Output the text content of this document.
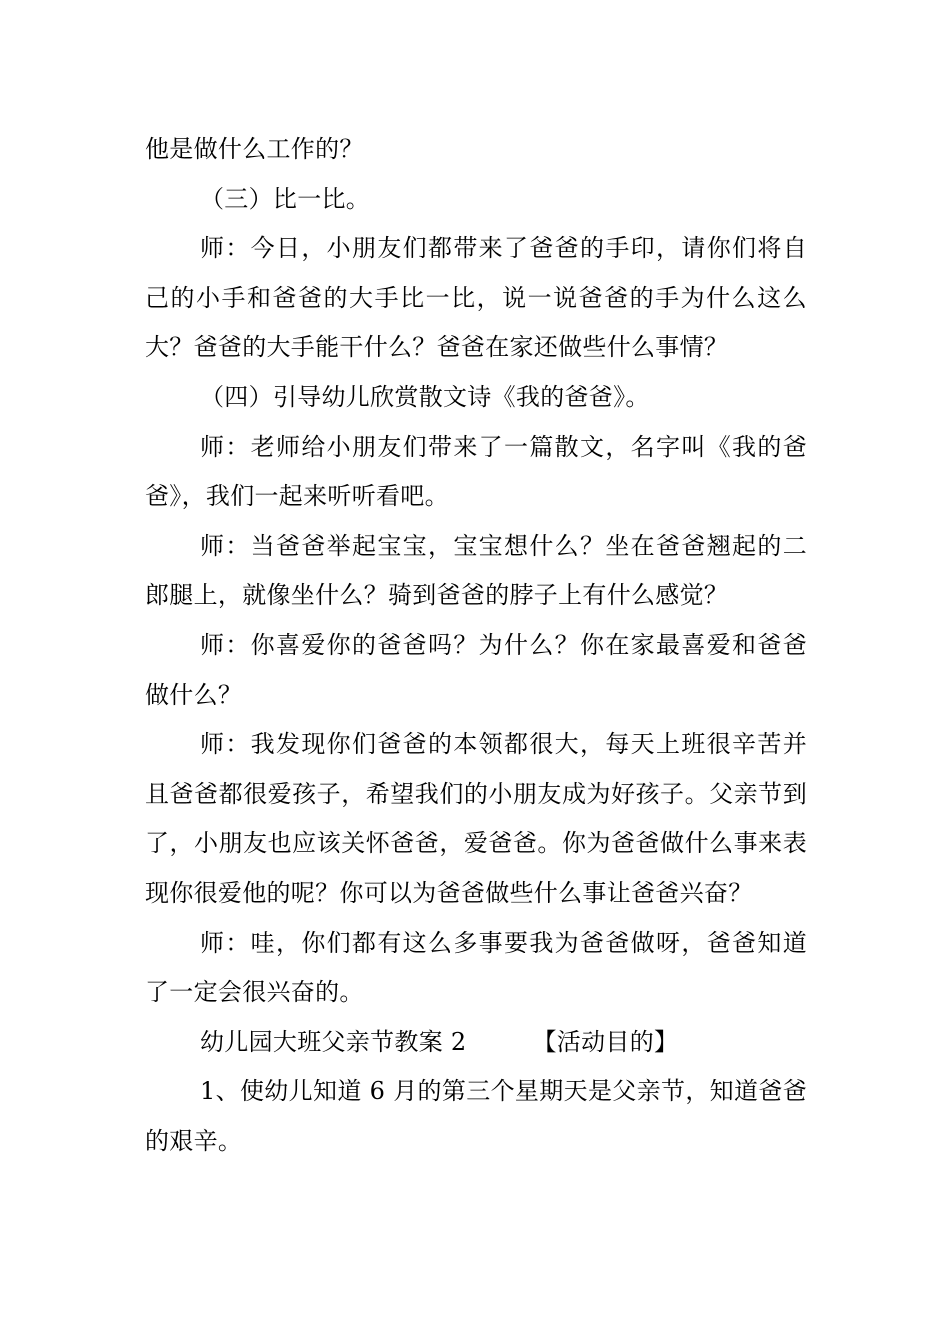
他是做什么工作的？

（三）比一比。

师：今日，小朋友们都带来了爸爸的手印，请你们将自己的小手和爸爸的大手比一比，说一说爸爸的手为什么这么大？爸爸的大手能干什么？爸爸在家还做些什么事情？

（四）引导幼儿欣赏散文诗《我的爸爸》。

师：老师给小朋友们带来了一篇散文，名字叫《我的爸爸》，我们一起来听听看吧。

师：当爸爸举起宝宝，宝宝想什么？坐在爸爸翘起的二郎腿上，就像坐什么？骑到爸爸的脖子上有什么感觉？

师：你喜爱你的爸爸吗？为什么？你在家最喜爱和爸爸做什么？

师：我发现你们爸爸的本领都很大，每天上班很辛苦并且爸爸都很爱孩子，希望我们的小朋友成为好孩子。父亲节到了，小朋友也应该关怀爸爸，爱爸爸。你为爸爸做什么事来表现你很爱他的呢？你可以为爸爸做些什么事让爸爸兴奋？

师：哇，你们都有这么多事要我为爸爸做呀，爸爸知道了一定会很兴奋的。

幼儿园大班父亲节教案 2	【活动目的】

1、使幼儿知道 6 月的第三个星期天是父亲节，知道爸爸的艰辛。
